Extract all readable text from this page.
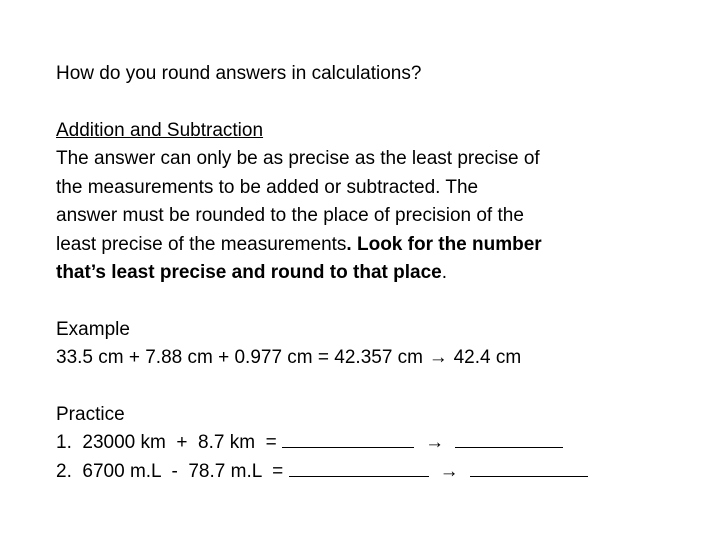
How do you round answers in calculations?
Addition and Subtraction
The answer can only be as precise as the least precise of
the measurements to be added or subtracted. The
answer must be rounded to the place of precision of the
least precise of the measurements. Look for the number
that’s least precise and round to that place.
Example
33.5 cm + 7.88 cm + 0.977 cm = 42.357 cm → 42.4 cm
Practice
1.  23000 km  +  8.7 km  =	→
2.  6700 m.L  -  78.7 m.L  =	→
